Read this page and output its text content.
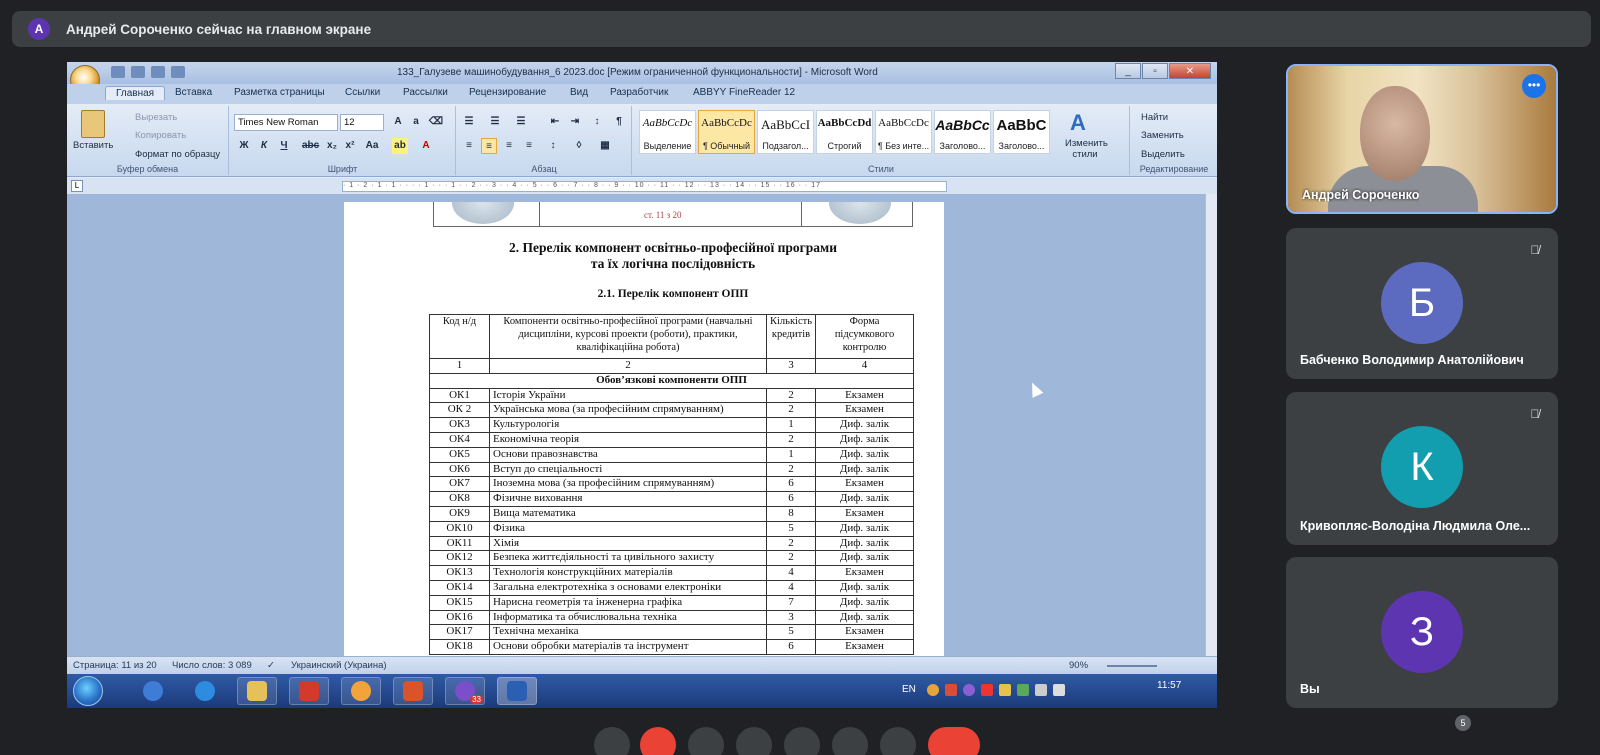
А	Андрей Сороченко сейчас на главном экране
133_Галузеве машинобудування_6 2023.doc [Режим ограниченной функциональности] - Microsoft Word	_	▫	✕
Главная	Вставка Разметка страницы Ссылки Рассылки Рецензирование Вид Разработчик ABBYY FineReader 12
Вставить
Вырезать
Копировать
Формат по образцу
Буфер обмена
Times New Roman	12	A	a	⌫
Ж	К	Ч	abc x₂ x²	Aa ab	A
Шрифт
☰	☰	☰	⇤	⇥	↕	¶
≡	≡	≡	≡	↕	◊	▦
Абзац
AaBbCcDc
Выделение
AaBbCcDc
¶ Обычный
AaBbCcI
Подзагол...
AaBbCcDd
Строгий
AaBbCcDc
¶ Без инте...
AaBbCc
Заголово...
AaBbC
Заголово...
A
Изменить стили
Стили
Найти
Заменить
Выделить
Редактирование
L	· 1 · 2 · 1 · 1 · · · · 1 · · · 1 · · 2 · · 3 · · 4 · · 5 · · 6 · · 7 · · 8 · · 9 · · 10 · · 11 · · 12 · · 13 · · 14 · · 15 · · 16 · · 17
ст. 11 з 20
2. Перелік компонент освітньо-професійної програми
та їх логічна послідовність
2.1. Перелік компонент ОПП
Код н/д	Компоненти освітньо-професійної програми (навчальні дисципліни, курсові проекти (роботи), практики, кваліфікаційна робота)	Кількість кредитів	Форма підсумкового контролю
1	2	3	4
Обов’язкові компоненти ОПП			
ОК1	Історія України	2	Екзамен
ОК 2	Українська мова (за професійним спрямуванням)	2	Екзамен
ОК3	Культурологія	1	Диф. залік
ОК4	Економічна теорія	2	Диф. залік
ОК5	Основи правознавства	1	Диф. залік
ОК6	Вступ до спеціальності	2	Диф. залік
ОК7	Іноземна мова (за професійним спрямуванням)	6	Екзамен
ОК8	Фізичне виховання	6	Диф. залік
ОК9	Вища математика	8	Екзамен
ОК10	Фізика	5	Диф. залік
ОК11	Хімія	2	Диф. залік
ОК12	Безпека життєдіяльності та цивільного захисту	2	Диф. залік
ОК13	Технологія конструкційних матеріалів	4	Екзамен
ОК14	Загальна електротехніка з основами електроніки	4	Диф. залік
ОК15	Нарисна геометрія та інженерна графіка	7	Диф. залік
ОК16	Інформатика та обчислювальна техніка	3	Диф. залік
ОК17	Технічна механіка	5	Екзамен
ОК18	Основи обробки матеріалів та інструмент	6	Екзамен
Страница: 11 из 20 Число слов: 3 089 ✓ Украинский (Украина)	90%
33
EN	11:57
•••
Андрей Сороченко
🎙̸
Б
Бабченко Володимир Анатолійович
🎙̸
К
Кривопляс-Володіна Людмила Оле...
З
Вы
5
